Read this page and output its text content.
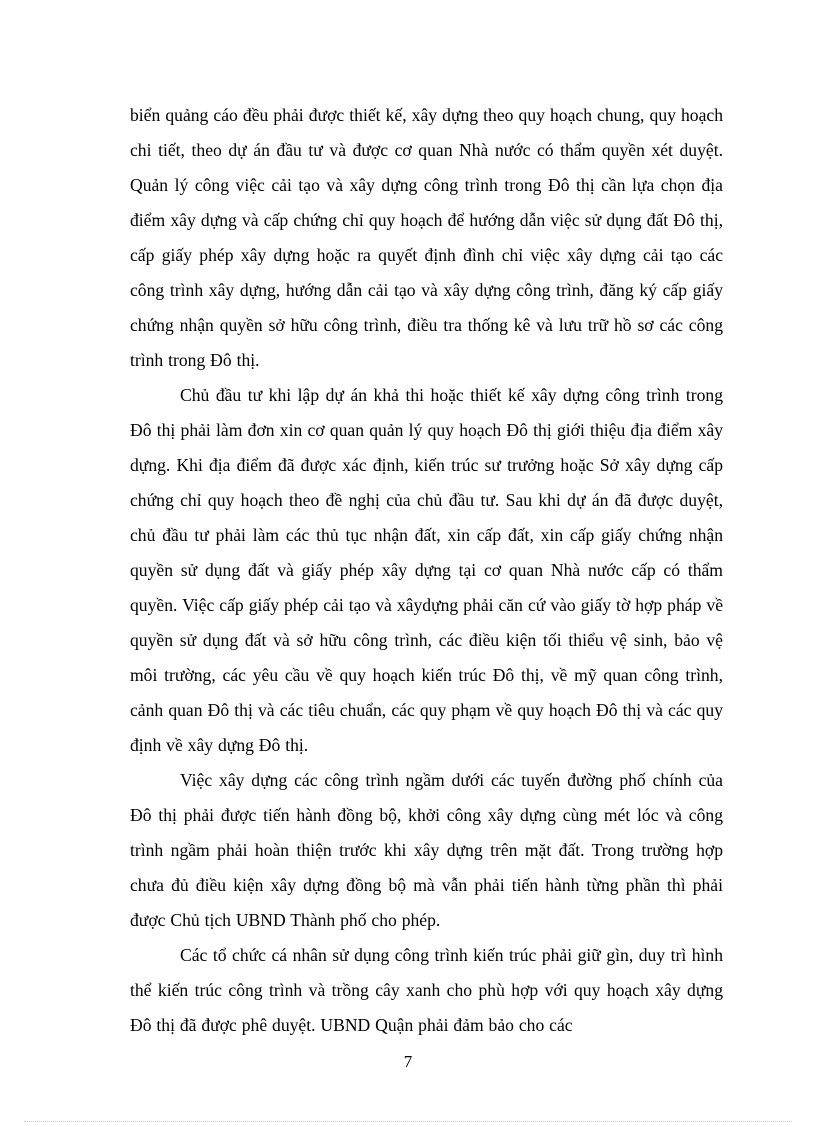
biển quảng cáo đều phải được thiết kế, xây dựng theo quy hoạch chung, quy hoạch chi tiết, theo dự án đầu tư và được cơ quan Nhà nước có thẩm quyền xét duyệt. Quản lý công việc cải tạo và xây dựng công trình trong Đô thị cần lựa chọn địa điểm xây dựng và cấp chứng chỉ quy hoạch để hướng dẫn việc sử dụng đất Đô thị, cấp giấy phép xây dựng hoặc ra quyết định đình chỉ việc xây dựng cải tạo các công trình xây dựng, hướng dẫn cải tạo và xây dựng công trình, đăng ký cấp giấy chứng nhận quyền sở hữu công trình, điều tra thống kê và lưu trữ hồ sơ các công trình trong Đô thị.

Chủ đầu tư khi lập dự án khả thi hoặc thiết kế xây dựng công trình trong Đô thị phải làm đơn xin cơ quan quản lý quy hoạch Đô thị giới thiệu địa điểm xây dựng. Khi địa điểm đã được xác định, kiến trúc sư trưởng hoặc Sở xây dựng cấp chứng chỉ quy hoạch theo đề nghị của chủ đầu tư. Sau khi dự án đã được duyệt, chủ đầu tư phải làm các thủ tục nhận đất, xin cấp đất, xin cấp giấy chứng nhận quyền sử dụng đất và giấy phép xây dựng tại cơ quan Nhà nước cấp có thẩm quyền. Việc cấp giấy phép cải tạo và xâydựng phải căn cứ vào giấy tờ hợp pháp về quyền sử dụng đất và sở hữu công trình, các điều kiện tối thiểu vệ sinh, bảo vệ môi trường, các yêu cầu về quy hoạch kiến trúc Đô thị, về mỹ quan công trình, cảnh quan Đô thị và các tiêu chuẩn, các quy phạm về quy hoạch Đô thị và các quy định về xây dựng Đô thị.

Việc xây dựng các công trình ngầm dưới các tuyến đường phố chính của Đô thị phải được tiến hành đồng bộ, khởi công xây dựng cùng mét lóc và công trình ngầm phải hoàn thiện trước khi xây dựng trên mặt đất. Trong trường hợp chưa đủ điều kiện xây dựng đồng bộ mà vẫn phải tiến hành từng phần thì phải được Chủ tịch UBND Thành phố cho phép.

Các tổ chức cá nhân sử dụng công trình kiến trúc phải giữ gìn, duy trì hình thể kiến trúc công trình và trồng cây xanh cho phù hợp với quy hoạch xây dựng Đô thị đã được phê duyệt. UBND Quận phải đảm bảo cho các

7
